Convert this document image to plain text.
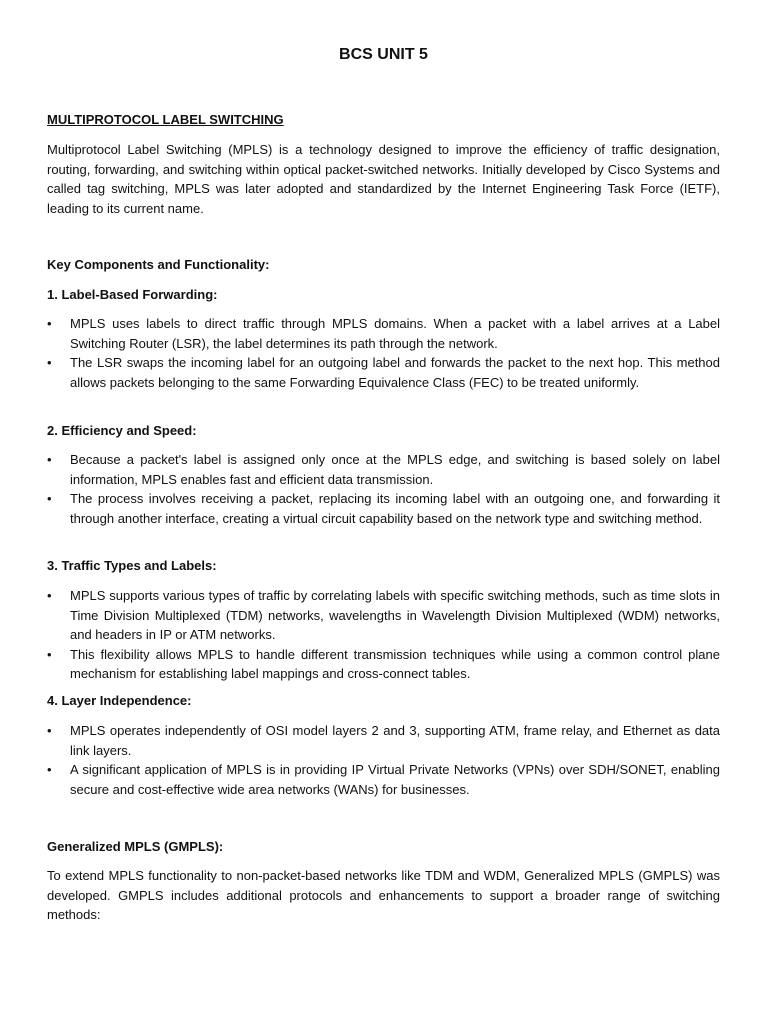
BCS UNIT 5
MULTIPROTOCOL LABEL SWITCHING

Multiprotocol Label Switching (MPLS) is a technology designed to improve the efficiency of traffic designation, routing, forwarding, and switching within optical packet-switched networks. Initially developed by Cisco Systems and called tag switching, MPLS was later adopted and standardized by the Internet Engineering Task Force (IETF), leading to its current name.

Key Components and Functionality:
1. Label-Based Forwarding:
•	MPLS uses labels to direct traffic through MPLS domains. When a packet with a label arrives at a Label Switching Router (LSR), the label determines its path through the network.
•	The LSR swaps the incoming label for an outgoing label and forwards the packet to the next hop. This method allows packets belonging to the same Forwarding Equivalence Class (FEC) to be treated uniformly.
2. Efficiency and Speed:
•	Because a packet's label is assigned only once at the MPLS edge, and switching is based solely on label information, MPLS enables fast and efficient data transmission.
•	The process involves receiving a packet, replacing its incoming label with an outgoing one, and forwarding it through another interface, creating a virtual circuit capability based on the network type and switching method.
3. Traffic Types and Labels:
•	MPLS supports various types of traffic by correlating labels with specific switching methods, such as time slots in Time Division Multiplexed (TDM) networks, wavelengths in Wavelength Division Multiplexed (WDM) networks, and headers in IP or ATM networks.
•	This flexibility allows MPLS to handle different transmission techniques while using a common control plane mechanism for establishing label mappings and cross-connect tables.
4. Layer Independence:
•	MPLS operates independently of OSI model layers 2 and 3, supporting ATM, frame relay, and Ethernet as data link layers.
•	A significant application of MPLS is in providing IP Virtual Private Networks (VPNs) over SDH/SONET, enabling secure and cost-effective wide area networks (WANs) for businesses.
Generalized MPLS (GMPLS):

To extend MPLS functionality to non-packet-based networks like TDM and WDM, Generalized MPLS (GMPLS) was developed. GMPLS includes additional protocols and enhancements to support a broader range of switching methods:
